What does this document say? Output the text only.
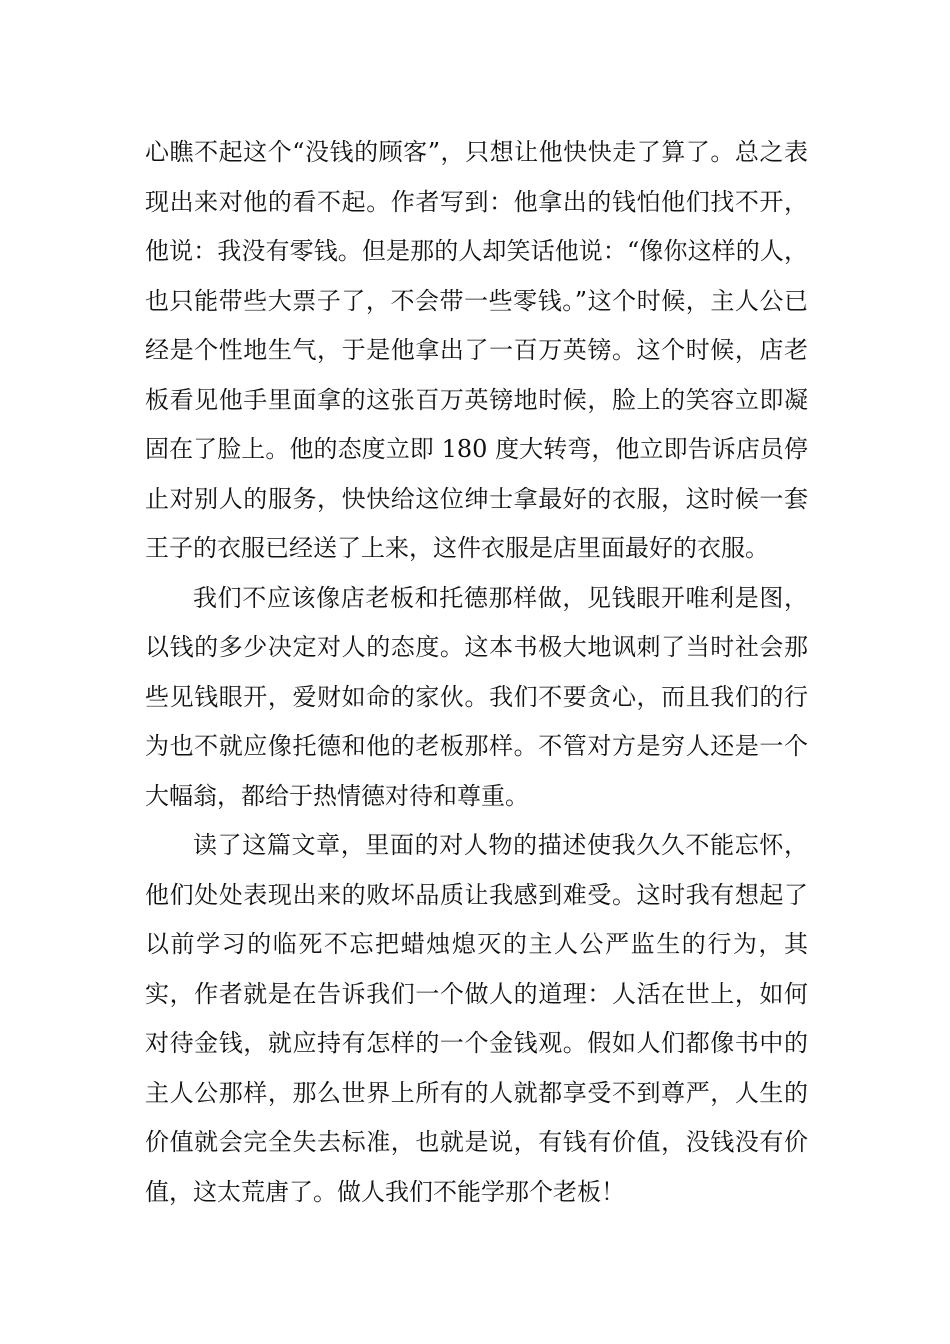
心瞧不起这个“没钱的顾客”，只想让他快快走了算了。总之表现出来对他的看不起。作者写到：他拿出的钱怕他们找不开，他说：我没有零钱。但是那的人却笑话他说：“像你这样的人，也只能带些大票子了，不会带一些零钱。”这个时候，主人公已经是个性地生气，于是他拿出了一百万英镑。这个时候，店老板看见他手里面拿的这张百万英镑地时候，脸上的笑容立即凝固在了脸上。他的态度立即 180 度大转弯，他立即告诉店员停止对别人的服务，快快给这位绅士拿最好的衣服，这时候一套王子的衣服已经送了上来，这件衣服是店里面最好的衣服。

我们不应该像店老板和托德那样做，见钱眼开唯利是图，以钱的多少决定对人的态度。这本书极大地讽刺了当时社会那些见钱眼开，爱财如命的家伙。我们不要贪心，而且我们的行为也不就应像托德和他的老板那样。不管对方是穷人还是一个大幅翁，都给于热情德对待和尊重。

读了这篇文章，里面的对人物的描述使我久久不能忘怀，他们处处表现出来的败坏品质让我感到难受。这时我有想起了以前学习的临死不忘把蜡烛熄灭的主人公严监生的行为，其实，作者就是在告诉我们一个做人的道理：人活在世上，如何对待金钱，就应持有怎样的一个金钱观。假如人们都像书中的主人公那样，那么世界上所有的人就都享受不到尊严，人生的价值就会完全失去标准，也就是说，有钱有价值，没钱没有价值，这太荒唐了。做人我们不能学那个老板！
